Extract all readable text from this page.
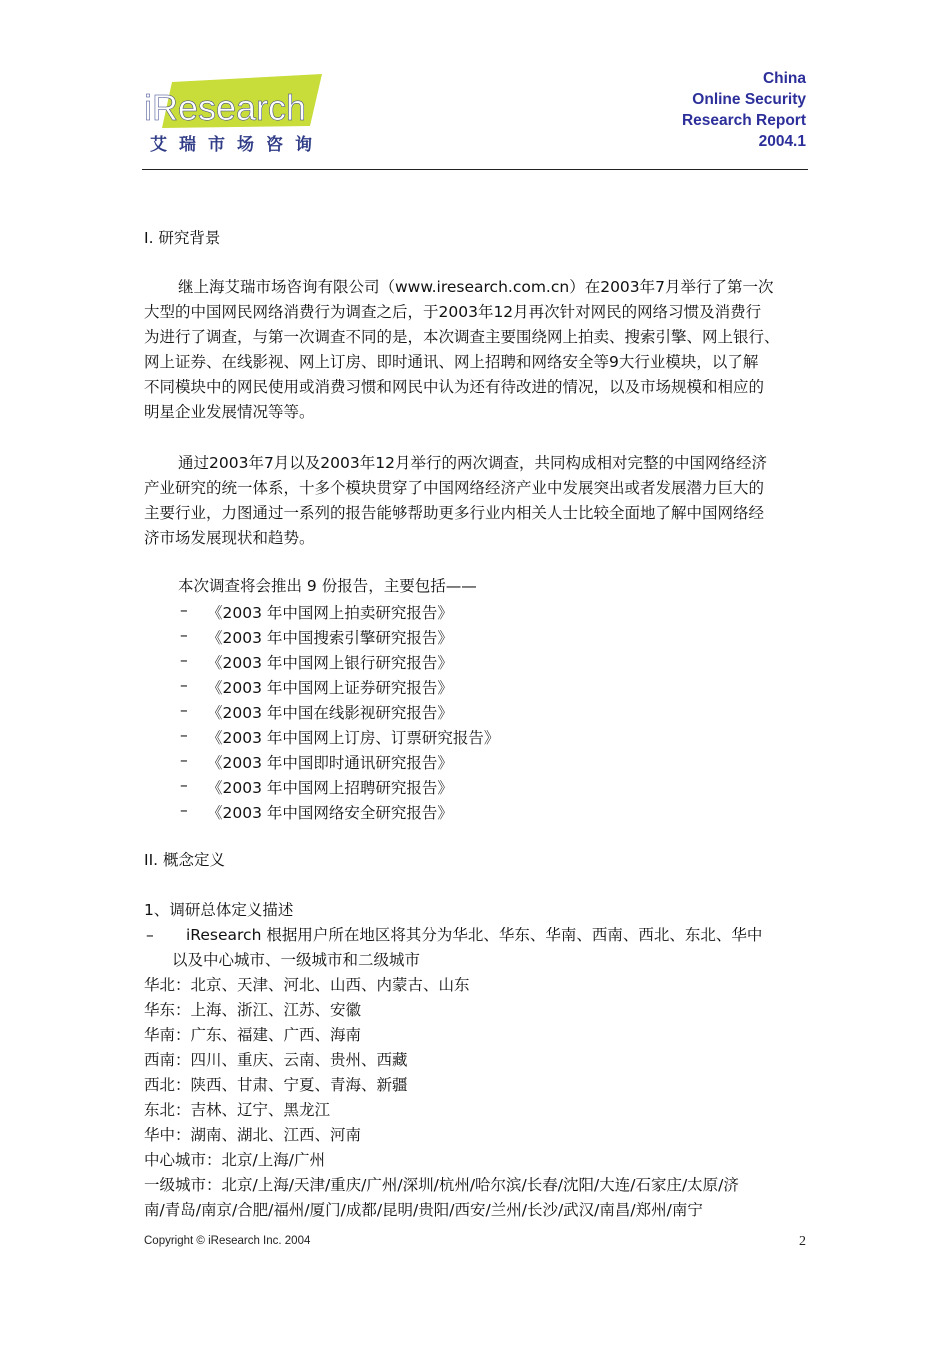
iResearch
艾瑞市场咨询
China
Online Security
Research Report
2004.1
I. 研究背景
继上海艾瑞市场咨询有限公司（www.iresearch.com.cn）在2003年7月举行了第一次
大型的中国网民网络消费行为调查之后，于2003年12月再次针对网民的网络习惯及消费行
为进行了调查，与第一次调查不同的是，本次调查主要围绕网上拍卖、搜索引擎、网上银行、
网上证券、在线影视、网上订房、即时通讯、网上招聘和网络安全等9大行业模块，以了解
不同模块中的网民使用或消费习惯和网民中认为还有待改进的情况，以及市场规模和相应的
明星企业发展情况等等。
通过2003年7月以及2003年12月举行的两次调查，共同构成相对完整的中国网络经济
产业研究的统一体系，十多个模块贯穿了中国网络经济产业中发展突出或者发展潜力巨大的
主要行业，力图通过一系列的报告能够帮助更多行业内相关人士比较全面地了解中国网络经
济市场发展现状和趋势。
本次调查将会推出 9 份报告，主要包括——
– 《2003 年中国网上拍卖研究报告》
– 《2003 年中国搜索引擎研究报告》
– 《2003 年中国网上银行研究报告》
– 《2003 年中国网上证券研究报告》
– 《2003 年中国在线影视研究报告》
– 《2003 年中国网上订房、订票研究报告》
– 《2003 年中国即时通讯研究报告》
– 《2003 年中国网上招聘研究报告》
– 《2003 年中国网络安全研究报告》
II. 概念定义
1、调研总体定义描述
– iResearch 根据用户所在地区将其分为华北、华东、华南、西南、西北、东北、华中
以及中心城市、一级城市和二级城市
华北：北京、天津、河北、山西、内蒙古、山东
华东：上海、浙江、江苏、安徽
华南：广东、福建、广西、海南
西南：四川、重庆、云南、贵州、西藏
西北：陕西、甘肃、宁夏、青海、新疆
东北：吉林、辽宁、黑龙江
华中：湖南、湖北、江西、河南
中心城市：北京/上海/广州
一级城市：北京/上海/天津/重庆/广州/深圳/杭州/哈尔滨/长春/沈阳/大连/石家庄/太原/济
南/青岛/南京/合肥/福州/厦门/成都/昆明/贵阳/西安/兰州/长沙/武汉/南昌/郑州/南宁
Copyright © iResearch Inc. 2004	2
